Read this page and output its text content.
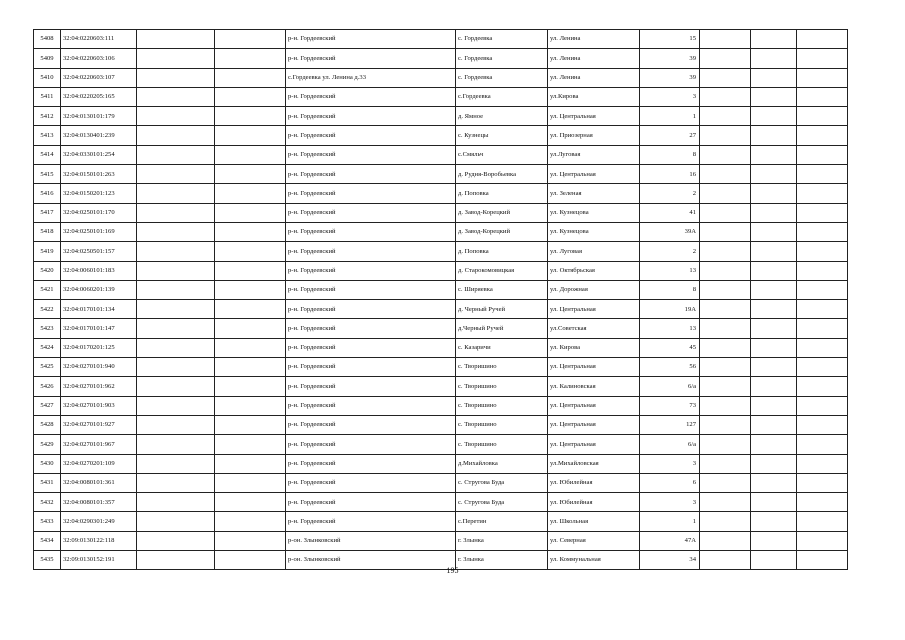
5408	32:04:0220603:111			р-н. Гордеевский	с. Гордеевка	ул. Ленина	15			
5409	32:04:0220603:106			р-н. Гордеевский	с. Гордеевка	ул. Ленина	39			
5410	32:04:0220603:107			с.Гордеевка ул. Ленина д.33	с. Гордеевка	ул. Ленина	39			
5411	32:04:0220205:165			р-н. Гордеевский	с.Гордеевка	ул.Кирова	3			
5412	32:04:0130101:179			р-н. Гордеевский	д. Ямное	ул. Центральная	1			
5413	32:04:0130401:239			р-н. Гордеевский	с. Кузнецы	ул. Приозерная	27			
5414	32:04:0330101:254			р-н. Гордеевский	с.Смяльч	ул.Луговая	8			
5415	32:04:0150101:263			р-н. Гордеевский	д. Рудня-Воробьевка	ул. Центральная	16			
5416	32:04:0150201:123			р-н. Гордеевский	д. Поповка	ул. Зеленая	2			
5417	32:04:0250101:170			р-н. Гордеевский	д. Завод-Корецкий	ул. Кузнецова	41			
5418	32:04:0250101:169			р-н. Гордеевский	д. Завод-Корецкий	ул. Кузнецова	39А			
5419	32:04:0250501:157			р-н. Гордеевский	д. Поповка	ул. Луговая	2			
5420	32:04:0060101:183			р-н. Гордеевский	д. Старокомовицкая	ул. Октябрьская	13			
5421	32:04:0060201:139			р-н. Гордеевский	с. Ширяевка	ул. Дорожная	8			
5422	32:04:0170101:134			р-н. Гордеевский	д. Черный Ручей	ул. Центральная	19А			
5423	32:04:0170101:147			р-н. Гордеевский	д.Черный Ручей	ул.Советская	13			
5424	32:04:0170201:125			р-н. Гордеевский	с. Казаричи	ул. Кирова	45			
5425	32:04:0270101:940			р-н. Гордеевский	с. Творишино	ул. Центральная	56			
5426	32:04:0270101:962			р-н. Гордеевский	с. Творишино	ул. Калиновская	6/а			
5427	32:04:0270101:903			р-н. Гордеевский	с. Творишино	ул. Центральная	73			
5428	32:04:0270101:927			р-н. Гордеевский	с. Творишино	ул. Центральная	127			
5429	32:04:0270101:967			р-н. Гордеевский	с. Творишино	ул. Центральная	6/а			
5430	32:04:0270201:109			р-н. Гордеевский	д.Михайловка	ул.Михайловская	3			
5431	32:04:0080101:361			р-н. Гордеевский	с. Стругова Буда	ул. Юбилейная	6			
5432	32:04:0080101:357			р-н. Гордеевский	с. Стругова Буда	ул. Юбилейная	3			
5433	32:04:0290301:249			р-н. Гордеевский	с.Перетин	ул. Школьная	1			
5434	32:09:0130122:118			р-он. Злынковский	г. Злынка	ул. Северная	47А			
5435	32:09:0130152:191			р-он. Злынковский	г. Злынка	ул. Коммунальная	34			
195
